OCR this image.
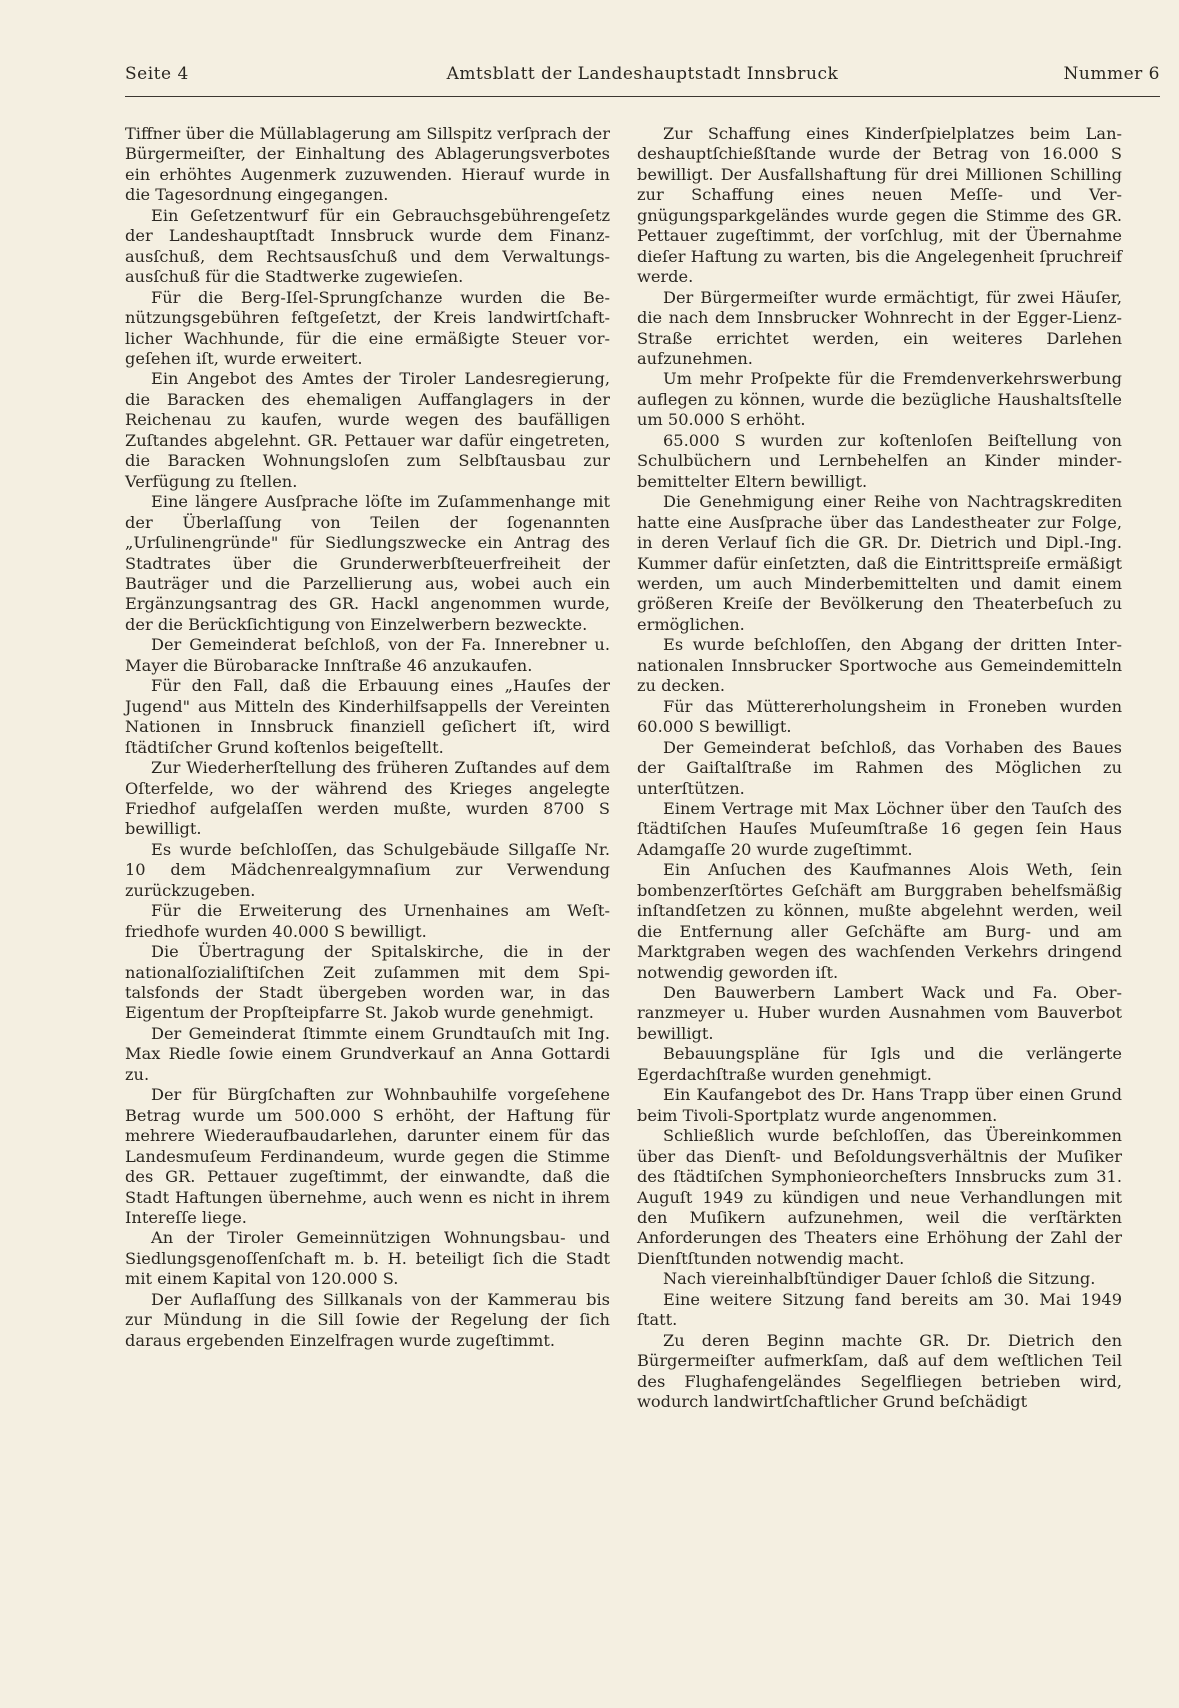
Seite 4	Amtsblatt der Landeshauptstadt Innsbruck	Nummer 6

Tiffner über die Müllablagerung am Sillspitz verſprach der Bürgermeiſter, der Einhaltung des Ablagerungsverbotes ein erhöhtes Augenmerk zuzuwenden. Hierauf wurde in die Tagesordnung eingegangen.

Ein Geſetzentwurf für ein Gebrauchsgebührengeſetz der Landeshauptſtadt Innsbruck wurde dem Finanzausſchuß, dem Rechtsausſchuß und dem Verwaltungsausſchuß für die Stadtwerke zugewieſen.

Für die Berg-Iſel-Sprungſchanze wurden die Benützungsgebühren feſtgeſetzt, der Kreis landwirtſchaftlicher Wachhunde, für die eine ermäßigte Steuer vorgeſehen iſt, wurde erweitert.

Ein Angebot des Amtes der Tiroler Landesregierung, die Baracken des ehemaligen Auffanglagers in der Reichenau zu kaufen, wurde wegen des baufälligen Zuſtandes abgelehnt. GR. Pettauer war dafür eingetreten, die Baracken Wohnungsloſen zum Selbſtausbau zur Verfügung zu ſtellen.

Eine längere Ausſprache löſte im Zuſammenhange mit der Überlaſſung von Teilen der ſogenannten „Urſulinengründe" für Siedlungszwecke ein Antrag des Stadtrates über die Grunderwerbſteuerfreiheit der Bauträger und die Parzellierung aus, wobei auch ein Ergänzungsantrag des GR. Hackl angenommen wurde, der die Berückſichtigung von Einzelwerbern bezweckte.

Der Gemeinderat beſchloß, von der Fa. Innerebner u. Mayer die Bürobaracke Innſtraße 46 anzukaufen.

Für den Fall, daß die Erbauung eines „Hauſes der Jugend" aus Mitteln des Kinderhilfsappells der Vereinten Nationen in Innsbruck finanziell geſichert iſt, wird ſtädtiſcher Grund koſtenlos beigeſtellt.

Zur Wiederherſtellung des früheren Zuſtandes auf dem Oſterfelde, wo der während des Krieges angelegte Friedhof aufgelaſſen werden mußte, wurden 8700 S bewilligt.

Es wurde beſchloſſen, das Schulgebäude Sillgaſſe Nr. 10 dem Mädchenrealgymnaſium zur Verwendung zurückzugeben.

Für die Erweiterung des Urnenhaines am Weſtfriedhofe wurden 40.000 S bewilligt.

Die Übertragung der Spitalskirche, die in der nationalſozialiſtiſchen Zeit zuſammen mit dem Spitalsfonds der Stadt übergeben worden war, in das Eigentum der Propſteipfarre St. Jakob wurde genehmigt.

Der Gemeinderat ſtimmte einem Grundtauſch mit Ing. Max Riedle ſowie einem Grundverkauf an Anna Gottardi zu.

Der für Bürgſchaften zur Wohnbauhilfe vorgeſehene Betrag wurde um 500.000 S erhöht, der Haftung für mehrere Wiederaufbaudarlehen, darunter einem für das Landesmuſeum Ferdinandeum, wurde gegen die Stimme des GR. Pettauer zugeſtimmt, der einwandte, daß die Stadt Haftungen übernehme, auch wenn es nicht in ihrem Intereſſe liege.

An der Tiroler Gemeinnützigen Wohnungsbau- und Siedlungsgenoſſenſchaft m. b. H. beteiligt ſich die Stadt mit einem Kapital von 120.000 S.

Der Auflaſſung des Sillkanals von der Kammerau bis zur Mündung in die Sill ſowie der Regelung der ſich daraus ergebenden Einzelfragen wurde zugeſtimmt.

Zur Schaffung eines Kinderſpielplatzes beim Landeshauptſchießſtande wurde der Betrag von 16.000 S bewilligt. Der Ausfallshaftung für drei Millionen Schilling zur Schaffung eines neuen Meſſe- und Vergnügungsparkgeländes wurde gegen die Stimme des GR. Pettauer zugeſtimmt, der vorſchlug, mit der Übernahme dieſer Haftung zu warten, bis die Angelegenheit ſpruchreif werde.

Der Bürgermeiſter wurde ermächtigt, für zwei Häuſer, die nach dem Innsbrucker Wohnrecht in der Egger-Lienz-Straße errichtet werden, ein weiteres Darlehen aufzunehmen.

Um mehr Proſpekte für die Fremdenverkehrswerbung auflegen zu können, wurde die bezügliche Haushaltsſtelle um 50.000 S erhöht.

65.000 S wurden zur koſtenloſen Beiſtellung von Schulbüchern und Lernbehelfen an Kinder minderbemittelter Eltern bewilligt.

Die Genehmigung einer Reihe von Nachtragskrediten hatte eine Ausſprache über das Landestheater zur Folge, in deren Verlauf ſich die GR. Dr. Dietrich und Dipl.-Ing. Kummer dafür einſetzten, daß die Eintrittspreiſe ermäßigt werden, um auch Minderbemittelten und damit einem größeren Kreiſe der Bevölkerung den Theaterbeſuch zu ermöglichen.

Es wurde beſchloſſen, den Abgang der dritten Internationalen Innsbrucker Sportwoche aus Gemeindemitteln zu decken.

Für das Müttererholungsheim in Froneben wurden 60.000 S bewilligt.

Der Gemeinderat beſchloß, das Vorhaben des Baues der Gaiſtalſtraße im Rahmen des Möglichen zu unterſtützen.

Einem Vertrage mit Max Löchner über den Tauſch des ſtädtiſchen Hauſes Muſeumſtraße 16 gegen ſein Haus Adamgaſſe 20 wurde zugeſtimmt.

Ein Anſuchen des Kaufmannes Alois Weth, ſein bombenzerſtörtes Geſchäft am Burggraben behelfsmäßig inſtandſetzen zu können, mußte abgelehnt werden, weil die Entfernung aller Geſchäfte am Burg- und am Marktgraben wegen des wachſenden Verkehrs dringend notwendig geworden iſt.

Den Bauwerbern Lambert Wack und Fa. Oberranzmeyer u. Huber wurden Ausnahmen vom Bauverbot bewilligt.

Bebauungspläne für Igls und die verlängerte Egerdachſtraße wurden genehmigt.

Ein Kaufangebot des Dr. Hans Trapp über einen Grund beim Tivoli-Sportplatz wurde angenommen.

Schließlich wurde beſchloſſen, das Übereinkommen über das Dienſt- und Beſoldungsverhältnis der Muſiker des ſtädtiſchen Symphonieorcheſters Innsbrucks zum 31. Auguſt 1949 zu kündigen und neue Verhandlungen mit den Muſikern aufzunehmen, weil die verſtärkten Anforderungen des Theaters eine Erhöhung der Zahl der Dienſtſtunden notwendig macht.

Nach viereinhalbſtündiger Dauer ſchloß die Sitzung.

Eine weitere Sitzung fand bereits am 30. Mai 1949 ſtatt.

Zu deren Beginn machte GR. Dr. Dietrich den Bürgermeiſter aufmerkſam, daß auf dem weſtlichen Teil des Flughafengeländes Segelfliegen betrieben wird, wodurch landwirtſchaftlicher Grund beſchädigt
